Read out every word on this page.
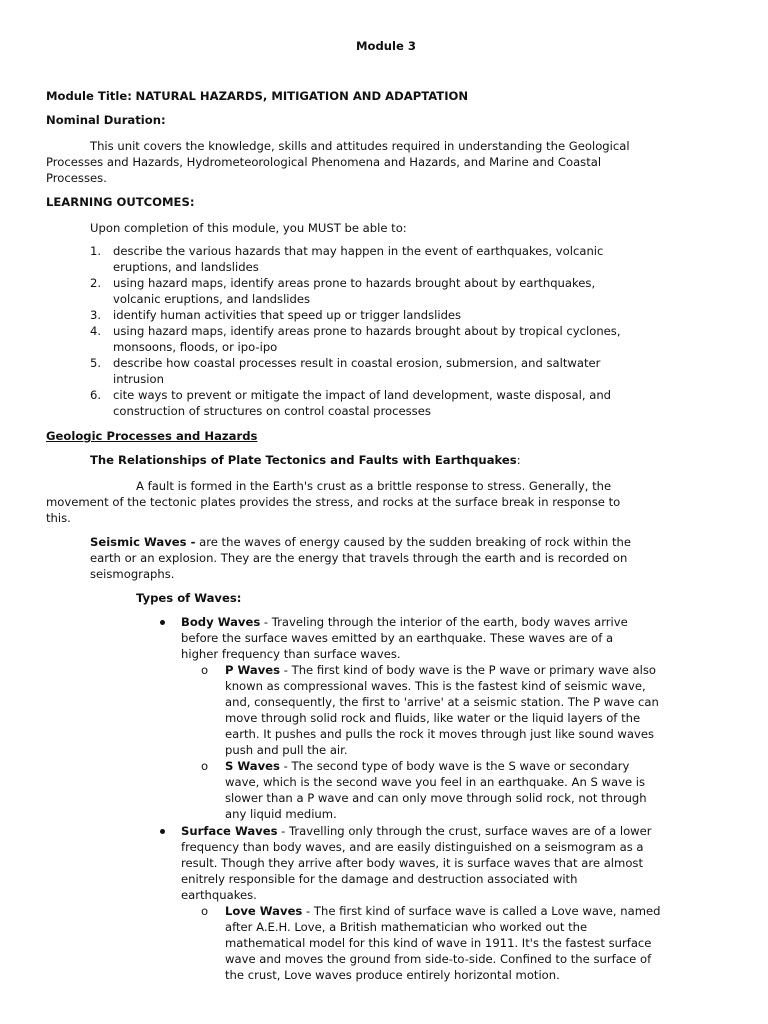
Module 3

Module Title: NATURAL HAZARDS, MITIGATION AND ADAPTATION

Nominal Duration:

This unit covers the knowledge, skills and attitudes required in understanding the Geological

Processes and Hazards, Hydrometeorological Phenomena and Hazards, and Marine and Coastal

Processes.

LEARNING OUTCOMES:

Upon completion of this module, you MUST be able to:

1. describe the various hazards that may happen in the event of earthquakes, volcanic

eruptions, and landslides

2. using hazard maps, identify areas prone to hazards brought about by earthquakes,

volcanic eruptions, and landslides

3. identify human activities that speed up or trigger landslides

4. using hazard maps, identify areas prone to hazards brought about by tropical cyclones,

monsoons, floods, or ipo-ipo

5. describe how coastal processes result in coastal erosion, submersion, and saltwater

intrusion

6. cite ways to prevent or mitigate the impact of land development, waste disposal, and

construction of structures on control coastal processes

Geologic Processes and Hazards

The Relationships of Plate Tectonics and Faults with Earthquakes:

A fault is formed in the Earth's crust as a brittle response to stress. Generally, the

movement of the tectonic plates provides the stress, and rocks at the surface break in response to

this.

Seismic Waves - are the waves of energy caused by the sudden breaking of rock within the

earth or an explosion. They are the energy that travels through the earth and is recorded on

seismographs.

Types of Waves:

Body Waves - Traveling through the interior of the earth, body waves arrive

before the surface waves emitted by an earthquake. These waves are of a

higher frequency than surface waves.

o P Waves - The first kind of body wave is the P wave or primary wave also

known as compressional waves. This is the fastest kind of seismic wave,

and, consequently, the first to 'arrive' at a seismic station. The P wave can

move through solid rock and fluids, like water or the liquid layers of the

earth. It pushes and pulls the rock it moves through just like sound waves

push and pull the air.

o S Waves - The second type of body wave is the S wave or secondary

wave, which is the second wave you feel in an earthquake. An S wave is

slower than a P wave and can only move through solid rock, not through

any liquid medium.

Surface Waves - Travelling only through the crust, surface waves are of a lower

frequency than body waves, and are easily distinguished on a seismogram as a

result. Though they arrive after body waves, it is surface waves that are almost

enitrely responsible for the damage and destruction associated with

earthquakes.

o Love Waves - The first kind of surface wave is called a Love wave, named

after A.E.H. Love, a British mathematician who worked out the

mathematical model for this kind of wave in 1911. It's the fastest surface

wave and moves the ground from side-to-side. Confined to the surface of

the crust, Love waves produce entirely horizontal motion.
